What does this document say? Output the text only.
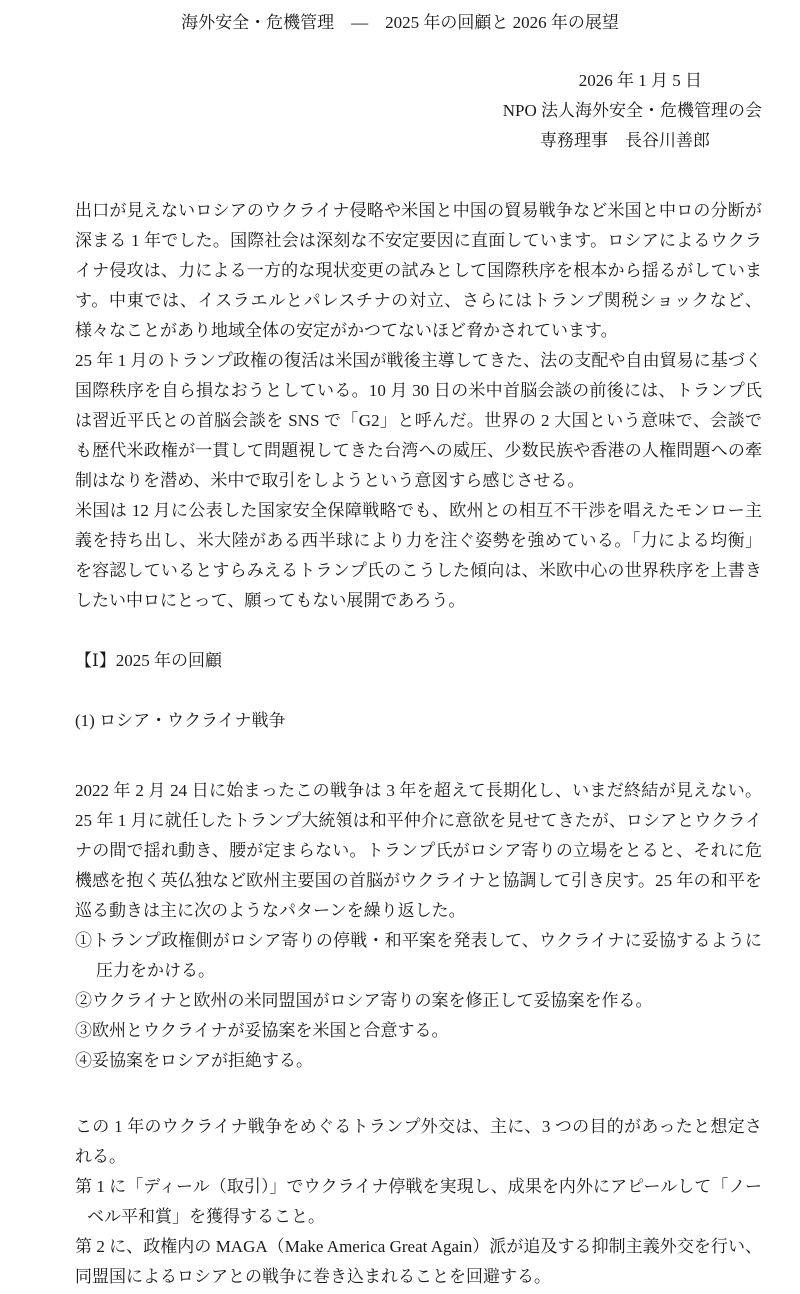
海外安全・危機管理　―　2025 年の回顧と 2026 年の展望

2026 年 1 月 5 日

NPO 法人海外安全・危機管理の会

専務理事　長谷川善郎

出口が見えないロシアのウクライナ侵略や米国と中国の貿易戦争など米国と中ロの分断が深まる 1 年でした。国際社会は深刻な不安定要因に直面しています。ロシアによるウクライナ侵攻は、力による一方的な現状変更の試みとして国際秩序を根本から揺るがしています。中東では、イスラエルとパレスチナの対立、さらにはトランプ関税ショックなど、様々なことがあり地域全体の安定がかつてないほど脅かされています。

25 年 1 月のトランプ政権の復活は米国が戦後主導してきた、法の支配や自由貿易に基づく国際秩序を自ら損なおうとしている。10 月 30 日の米中首脳会談の前後には、トランプ氏は習近平氏との首脳会談を SNS で「G2」と呼んだ。世界の 2 大国という意味で、会談でも歴代米政権が一貫して問題視してきた台湾への威圧、少数民族や香港の人権問題への牽制はなりを潜め、米中で取引をしようという意図すら感じさせる。

米国は 12 月に公表した国家安全保障戦略でも、欧州との相互不干渉を唱えたモンロー主義を持ち出し、米大陸がある西半球により力を注ぐ姿勢を強めている。「力による均衡」を容認しているとすらみえるトランプ氏のこうした傾向は、米欧中心の世界秩序を上書きしたい中ロにとって、願ってもない展開であろう。

【Ⅰ】2025 年の回顧
(1) ロシア・ウクライナ戦争

2022 年 2 月 24 日に始まったこの戦争は 3 年を超えて長期化し、いまだ終結が見えない。25 年 1 月に就任したトランプ大統領は和平仲介に意欲を見せてきたが、ロシアとウクライナの間で揺れ動き、腰が定まらない。トランプ氏がロシア寄りの立場をとると、それに危機感を抱く英仏独など欧州主要国の首脳がウクライナと協調して引き戻す。25 年の和平を巡る動きは主に次のようなパターンを繰り返した。

①トランプ政権側がロシア寄りの停戦・和平案を発表して、ウクライナに妥協するように圧力をかける。

②ウクライナと欧州の米同盟国がロシア寄りの案を修正して妥協案を作る。

③欧州とウクライナが妥協案を米国と合意する。

④妥協案をロシアが拒絶する。

この 1 年のウクライナ戦争をめぐるトランプ外交は、主に、3 つの目的があったと想定される。

第 1 に「ディール（取引）」でウクライナ停戦を実現し、成果を内外にアピールして「ノーベル平和賞」を獲得すること。

第 2 に、政権内の MAGA（Make America Great Again）派が追及する抑制主義外交を行い、同盟国によるロシアとの戦争に巻き込まれることを回避する。
